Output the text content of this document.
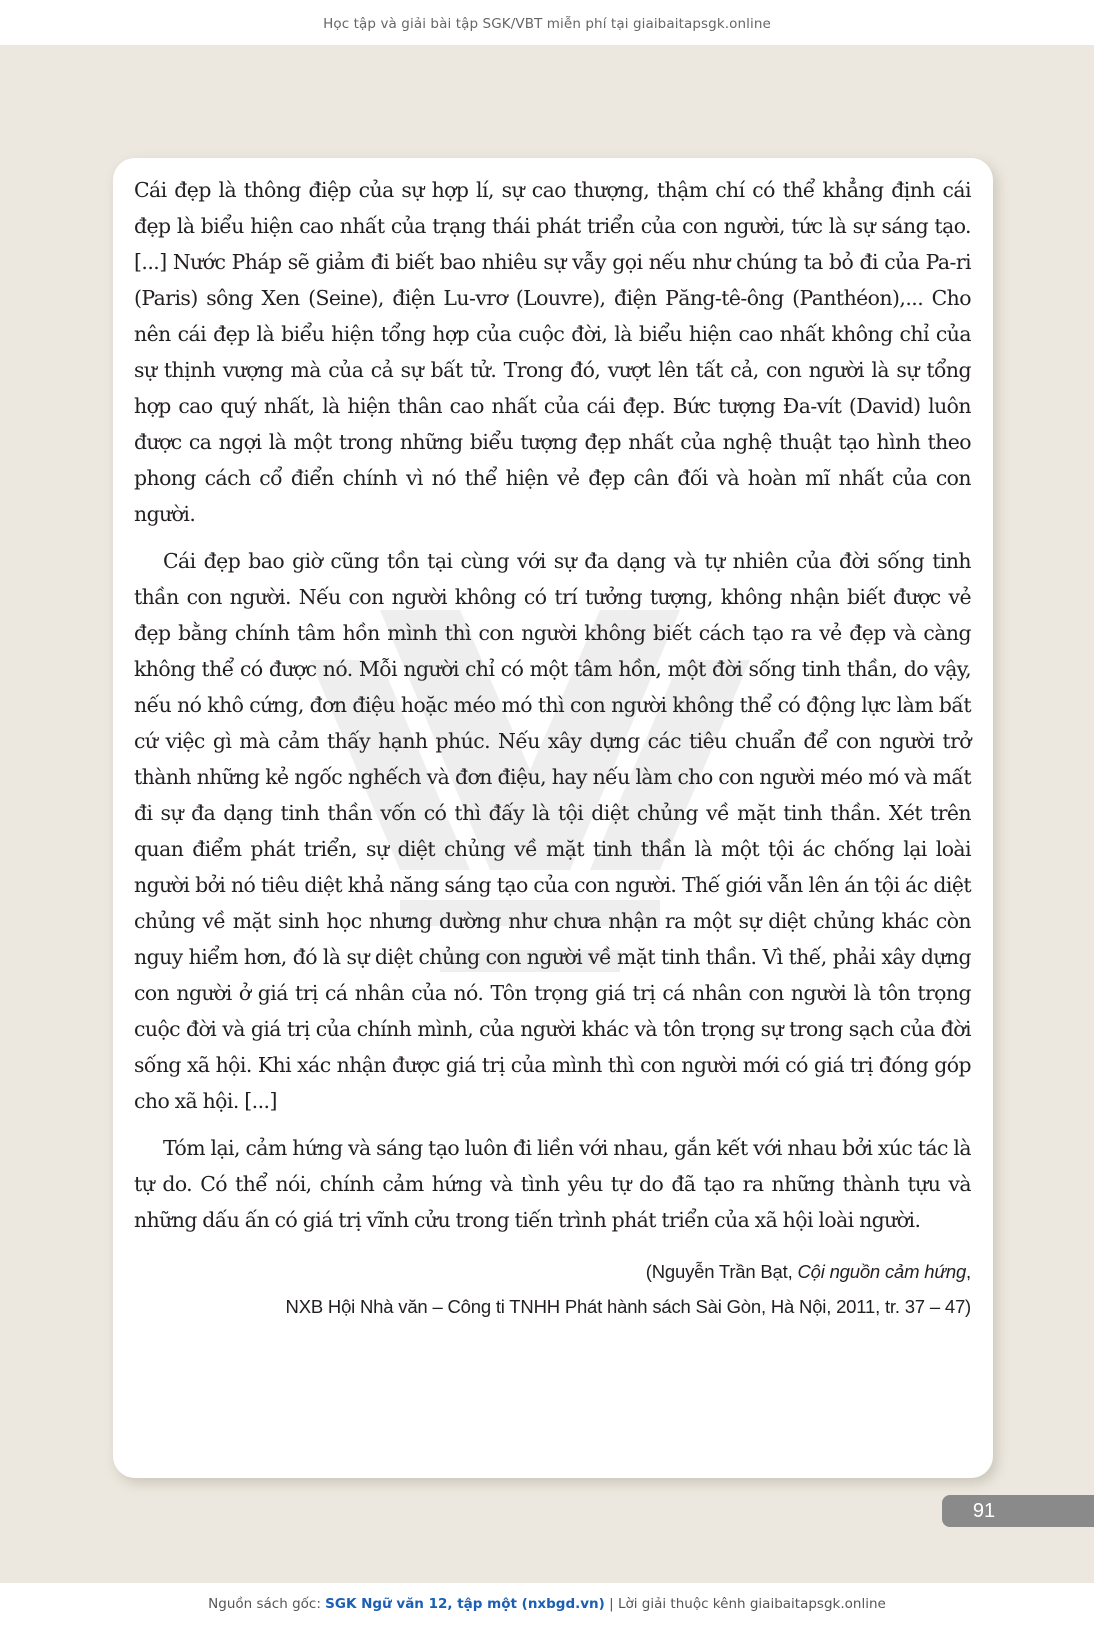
Học tập và giải bài tập SGK/VBT miễn phí tại giaibaitapsgk.online

Cái đẹp là thông điệp của sự hợp lí, sự cao thượng, thậm chí có thể khẳng định cái đẹp là biểu hiện cao nhất của trạng thái phát triển của con người, tức là sự sáng tạo. [...] Nước Pháp sẽ giảm đi biết bao nhiêu sự vẫy gọi nếu như chúng ta bỏ đi của Pa-ri (Paris) sông Xen (Seine), điện Lu-vrơ (Louvre), điện Păng-tê-ông (Panthéon),... Cho nên cái đẹp là biểu hiện tổng hợp của cuộc đời, là biểu hiện cao nhất không chỉ của sự thịnh vượng mà của cả sự bất tử. Trong đó, vượt lên tất cả, con người là sự tổng hợp cao quý nhất, là hiện thân cao nhất của cái đẹp. Bức tượng Đa-vít (David) luôn được ca ngợi là một trong những biểu tượng đẹp nhất của nghệ thuật tạo hình theo phong cách cổ điển chính vì nó thể hiện vẻ đẹp cân đối và hoàn mĩ nhất của con người.

Cái đẹp bao giờ cũng tồn tại cùng với sự đa dạng và tự nhiên của đời sống tinh thần con người. Nếu con người không có trí tưởng tượng, không nhận biết được vẻ đẹp bằng chính tâm hồn mình thì con người không biết cách tạo ra vẻ đẹp và càng không thể có được nó. Mỗi người chỉ có một tâm hồn, một đời sống tinh thần, do vậy, nếu nó khô cứng, đơn điệu hoặc méo mó thì con người không thể có động lực làm bất cứ việc gì mà cảm thấy hạnh phúc. Nếu xây dựng các tiêu chuẩn để con người trở thành những kẻ ngốc nghếch và đơn điệu, hay nếu làm cho con người méo mó và mất đi sự đa dạng tinh thần vốn có thì đấy là tội diệt chủng về mặt tinh thần. Xét trên quan điểm phát triển, sự diệt chủng về mặt tinh thần là một tội ác chống lại loài người bởi nó tiêu diệt khả năng sáng tạo của con người. Thế giới vẫn lên án tội ác diệt chủng về mặt sinh học nhưng dường như chưa nhận ra một sự diệt chủng khác còn nguy hiểm hơn, đó là sự diệt chủng con người về mặt tinh thần. Vì thế, phải xây dựng con người ở giá trị cá nhân của nó. Tôn trọng giá trị cá nhân con người là tôn trọng cuộc đời và giá trị của chính mình, của người khác và tôn trọng sự trong sạch của đời sống xã hội. Khi xác nhận được giá trị của mình thì con người mới có giá trị đóng góp cho xã hội. [...]

Tóm lại, cảm hứng và sáng tạo luôn đi liền với nhau, gắn kết với nhau bởi xúc tác là tự do. Có thể nói, chính cảm hứng và tình yêu tự do đã tạo ra những thành tựu và những dấu ấn có giá trị vĩnh cửu trong tiến trình phát triển của xã hội loài người.

(Nguyễn Trần Bạt, Cội nguồn cảm hứng,
NXB Hội Nhà văn – Công ti TNHH Phát hành sách Sài Gòn, Hà Nội, 2011, tr. 37 – 47)
91
Nguồn sách gốc: SGK Ngữ văn 12, tập một (nxbgd.vn) | Lời giải thuộc kênh giaibaitapsgk.online
